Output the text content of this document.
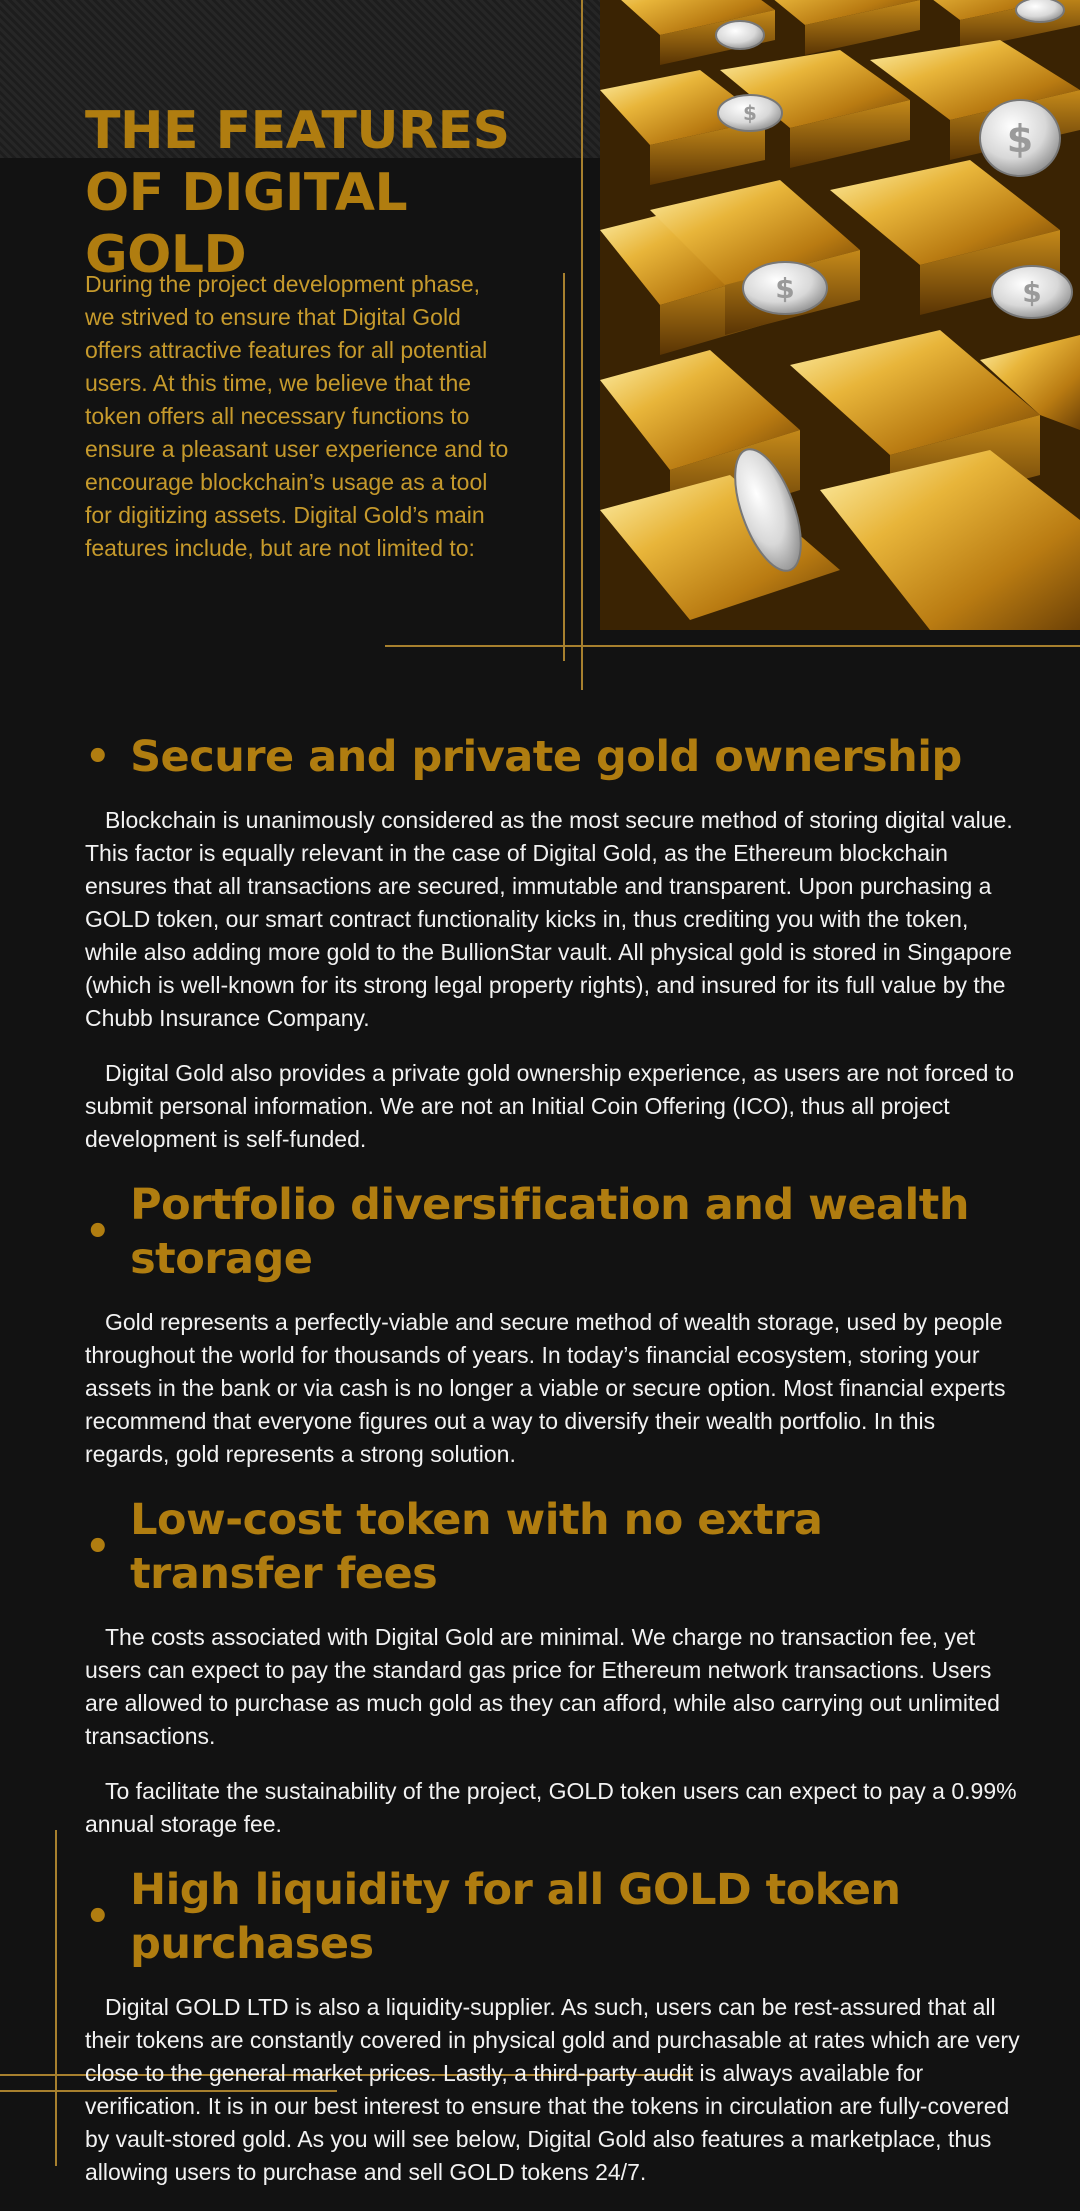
THE FEATURES
OF DIGITAL GOLD

During the project development phase, we strived to ensure that Digital Gold offers attractive features for all potential users. At this time, we believe that the token offers all necessary functions to ensure a pleasant user experience and to encourage blockchain’s usage as a tool for digitizing assets. Digital Gold’s main features include, but are not limited to:

$
$
$	$
• Secure and private gold ownership

Blockchain is unanimously considered as the most secure method of storing digital value. This factor is equally relevant in the case of Digital Gold, as the Ethereum blockchain ensures that all transactions are secured, immutable and transparent. Upon purchasing a GOLD token, our smart contract functionality kicks in, thus crediting you with the token, while also adding more gold to the BullionStar vault. All physical gold is stored in Singapore (which is well-known for its strong legal property rights), and insured for its full value by the Chubb Insurance Company.

Digital Gold also provides a private gold ownership experience, as users are not forced to submit personal information. We are not an Initial Coin Offering (ICO), thus all project development is self-funded.

•
Portfolio diversification and wealth storage

Gold represents a perfectly-viable and secure method of wealth storage, used by people throughout the world for thousands of years. In today’s financial ecosystem, storing your assets in the bank or via cash is no longer a viable or secure option. Most financial experts recommend that everyone figures out a way to diversify their wealth portfolio. In this regards, gold represents a strong solution.

•
Low-cost token with no extra transfer fees

The costs associated with Digital Gold are minimal. We charge no transaction fee, yet users can expect to pay the standard gas price for Ethereum network transactions. Users are allowed to purchase as much gold as they can afford, while also carrying out unlimited transactions.

To facilitate the sustainability of the project, GOLD token users can expect to pay a 0.99% annual storage fee.

•
High liquidity for all GOLD token purchases

Digital GOLD LTD is also a liquidity-supplier. As such, users can be rest-assured that all their tokens are constantly covered in physical gold and purchasable at rates which are very close to the general market prices. Lastly, a third-party audit is always available for verification. It is in our best interest to ensure that the tokens in circulation are fully-covered by vault-stored gold. As you will see below, Digital Gold also features a marketplace, thus allowing users to purchase and sell GOLD tokens 24/7.
